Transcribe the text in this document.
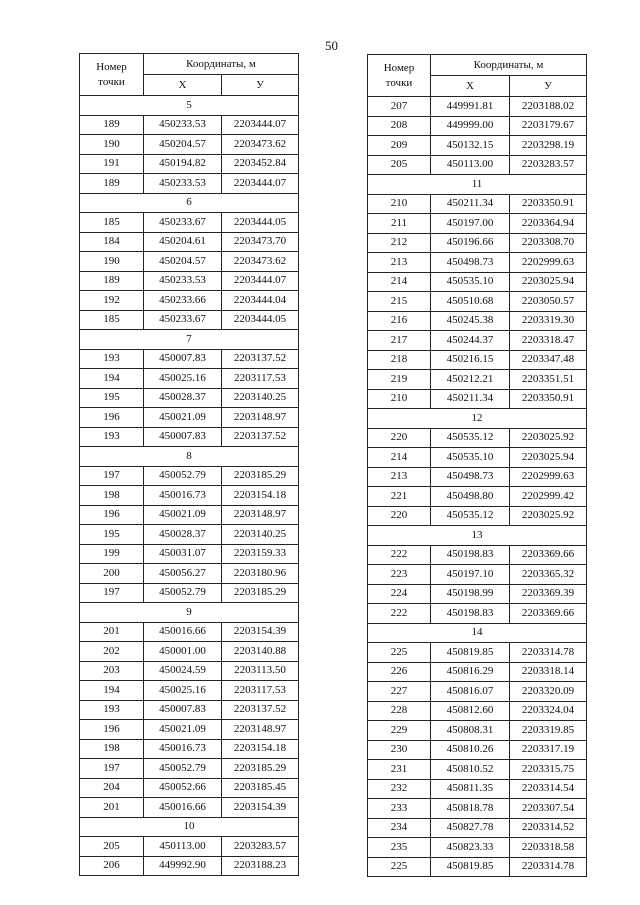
50
Номер
точки	Координаты, м	
	X	У
5		
189	450233.53	2203444.07
190	450204.57	2203473.62
191	450194.82	2203452.84
189	450233.53	2203444.07
6		
185	450233.67	2203444.05
184	450204.61	2203473.70
190	450204.57	2203473.62
189	450233.53	2203444.07
192	450233.66	2203444.04
185	450233.67	2203444.05
7		
193	450007.83	2203137.52
194	450025.16	2203117.53
195	450028.37	2203140.25
196	450021.09	2203148.97
193	450007.83	2203137.52
8		
197	450052.79	2203185.29
198	450016.73	2203154.18
196	450021.09	2203148.97
195	450028.37	2203140.25
199	450031.07	2203159.33
200	450056.27	2203180.96
197	450052.79	2203185.29
9		
201	450016.66	2203154.39
202	450001.00	2203140.88
203	450024.59	2203113.50
194	450025.16	2203117.53
193	450007.83	2203137.52
196	450021.09	2203148.97
198	450016.73	2203154.18
197	450052.79	2203185.29
204	450052.66	2203185.45
201	450016.66	2203154.39
10		
205	450113.00	2203283.57
206	449992.90	2203188.23
Номер
точки	Координаты, м	
	X	У
207	449991.81	2203188.02
208	449999.00	2203179.67
209	450132.15	2203298.19
205	450113.00	2203283.57
11		
210	450211.34	2203350.91
211	450197.00	2203364.94
212	450196.66	2203308.70
213	450498.73	2202999.63
214	450535.10	2203025.94
215	450510.68	2203050.57
216	450245.38	2203319.30
217	450244.37	2203318.47
218	450216.15	2203347.48
219	450212.21	2203351.51
210	450211.34	2203350.91
12		
220	450535.12	2203025.92
214	450535.10	2203025.94
213	450498.73	2202999.63
221	450498.80	2202999.42
220	450535.12	2203025.92
13		
222	450198.83	2203369.66
223	450197.10	2203365.32
224	450198.99	2203369.39
222	450198.83	2203369.66
14		
225	450819.85	2203314.78
226	450816.29	2203318.14
227	450816.07	2203320.09
228	450812.60	2203324.04
229	450808.31	2203319.85
230	450810.26	2203317.19
231	450810.52	2203315.75
232	450811.35	2203314.54
233	450818.78	2203307.54
234	450827.78	2203314.52
235	450823.33	2203318.58
225	450819.85	2203314.78
